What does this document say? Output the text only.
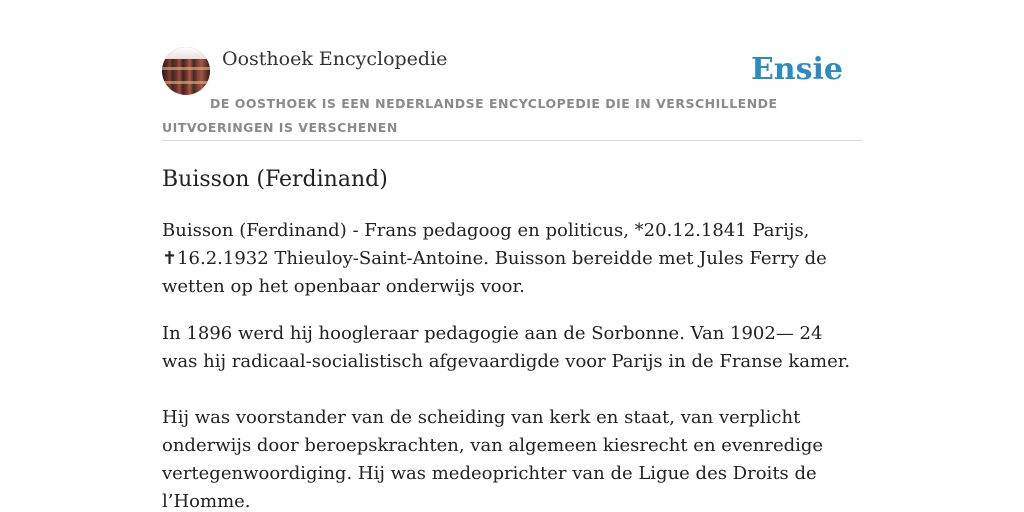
Oosthoek Encyclopedie	Ensie
DE OOSTHOEK IS EEN NEDERLANDSE ENCYCLOPEDIE DIE IN VERSCHILLENDE UITVOERINGEN IS VERSCHENEN
Buisson (Ferdinand)

Buisson (Ferdinand) - Frans pedagoog en politicus, *20.12.1841 Parijs, ✝16.2.1932 Thieuloy-Saint-Antoine. Buisson bereidde met Jules Ferry de wetten op het openbaar onderwijs voor.

In 1896 werd hij hoogleraar pedagogie aan de Sorbonne. Van 1902— 24 was hij radicaal-socialistisch afgevaardigde voor Parijs in de Franse kamer.

Hij was voorstander van de scheiding van kerk en staat, van verplicht onderwijs door beroepskrachten, van algemeen kiesrecht en evenredige vertegenwoordiging. Hij was medeoprichter van de Ligue des Droits de l’Homme.
